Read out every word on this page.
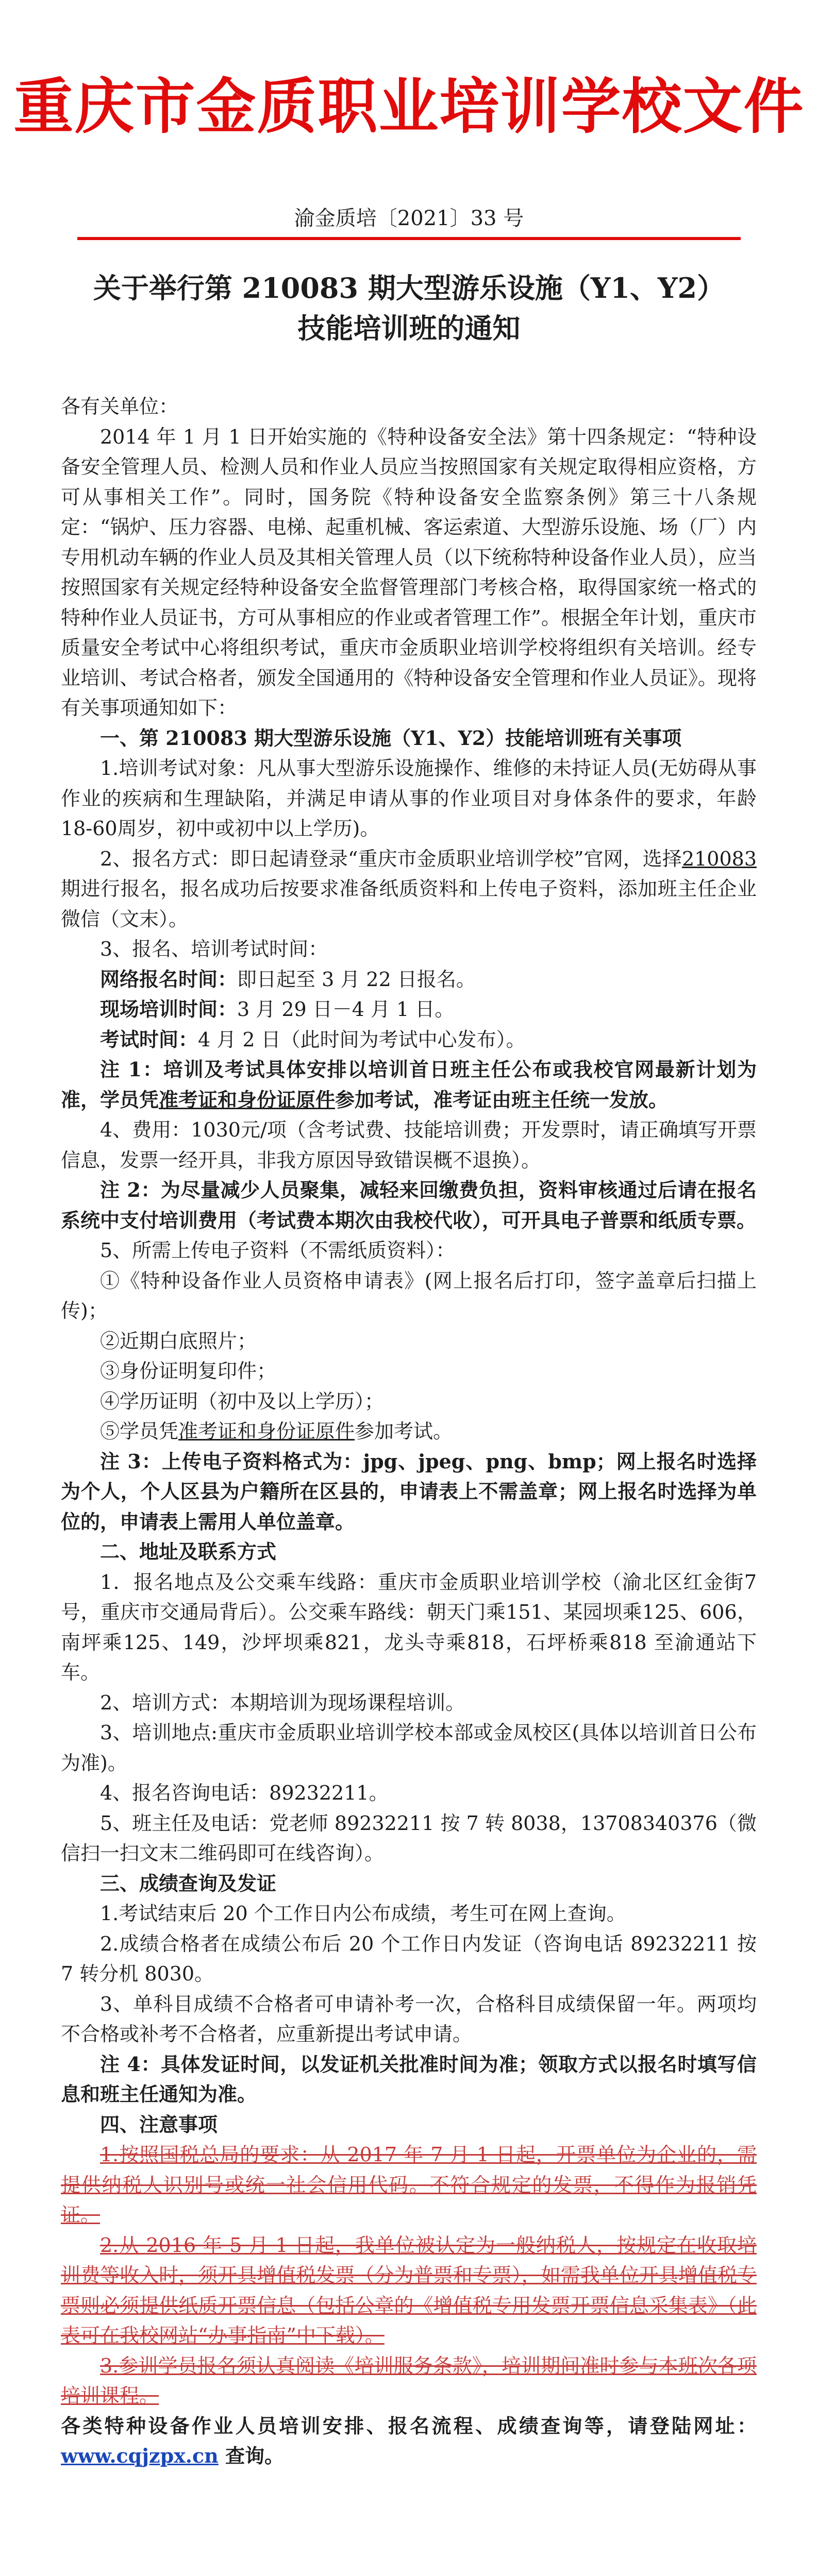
重庆市金质职业培训学校文件
渝金质培〔2021〕33 号
关于举行第 210083 期大型游乐设施（Y1、Y2）
技能培训班的通知

各有关单位：

2014 年 1 月 1 日开始实施的《特种设备安全法》第十四条规定：“特种设备安全管理人员、检测人员和作业人员应当按照国家有关规定取得相应资格，方可从事相关工作”。同时，国务院《特种设备安全监察条例》第三十八条规定：“锅炉、压力容器、电梯、起重机械、客运索道、大型游乐设施、场（厂）内专用机动车辆的作业人员及其相关管理人员（以下统称特种设备作业人员），应当按照国家有关规定经特种设备安全监督管理部门考核合格，取得国家统一格式的特种作业人员证书，方可从事相应的作业或者管理工作”。根据全年计划，重庆市质量安全考试中心将组织考试，重庆市金质职业培训学校将组织有关培训。经专业培训、考试合格者，颁发全国通用的《特种设备安全管理和作业人员证》。现将有关事项通知如下：

一、第 210083 期大型游乐设施（Y1、Y2）技能培训班有关事项

1.培训考试对象：凡从事大型游乐设施操作、维修的未持证人员(无妨碍从事作业的疾病和生理缺陷，并满足申请从事的作业项目对身体条件的要求，年龄18-60周岁，初中或初中以上学历)。

2、报名方式：即日起请登录“重庆市金质职业培训学校”官网，选择210083期进行报名，报名成功后按要求准备纸质资料和上传电子资料，添加班主任企业微信（文末）。

3、报名、培训考试时间：

网络报名时间：即日起至 3 月 22 日报名。

现场培训时间：3 月 29 日－4 月 1 日。

考试时间：4 月 2 日（此时间为考试中心发布）。

注 1：培训及考试具体安排以培训首日班主任公布或我校官网最新计划为准，学员凭准考证和身份证原件参加考试，准考证由班主任统一发放。

4、费用：1030元/项（含考试费、技能培训费；开发票时，请正确填写开票信息，发票一经开具，非我方原因导致错误概不退换）。

注 2：为尽量减少人员聚集，减轻来回缴费负担，资料审核通过后请在报名系统中支付培训费用（考试费本期次由我校代收），可开具电子普票和纸质专票。

5、所需上传电子资料（不需纸质资料）：

①《特种设备作业人员资格申请表》(网上报名后打印，签字盖章后扫描上传)；

②近期白底照片；

③身份证明复印件；

④学历证明（初中及以上学历）；

⑤学员凭准考证和身份证原件参加考试。

注 3：上传电子资料格式为：jpg、jpeg、png、bmp；网上报名时选择为个人，个人区县为户籍所在区县的，申请表上不需盖章；网上报名时选择为单位的，申请表上需用人单位盖章。

二、地址及联系方式

1．报名地点及公交乘车线路：重庆市金质职业培训学校（渝北区红金街7号，重庆市交通局背后）。公交乘车路线：朝天门乘151、某园坝乘125、606，南坪乘125、149，沙坪坝乘821，龙头寺乘818，石坪桥乘818 至渝通站下车。

2、培训方式：本期培训为现场课程培训。

3、培训地点:重庆市金质职业培训学校本部或金凤校区(具体以培训首日公布为准)。

4、报名咨询电话：89232211。

5、班主任及电话：党老师 89232211 按 7 转 8038，13708340376（微信扫一扫文末二维码即可在线咨询）。

三、成绩查询及发证

1.考试结束后 20 个工作日内公布成绩，考生可在网上查询。

2.成绩合格者在成绩公布后 20 个工作日内发证（咨询电话 89232211 按 7 转分机 8030。

3、单科目成绩不合格者可申请补考一次，合格科目成绩保留一年。两项均不合格或补考不合格者，应重新提出考试申请。

注 4：具体发证时间，以发证机关批准时间为准；领取方式以报名时填写信息和班主任通知为准。

四、注意事项

1.按照国税总局的要求：从 2017 年 7 月 1 日起，开票单位为企业的，需提供纳税人识别号或统一社会信用代码。不符合规定的发票，不得作为报销凭证。

2.从 2016 年 5 月 1 日起，我单位被认定为一般纳税人，按规定在收取培训费等收入时，须开具增值税发票（分为普票和专票），如需我单位开具增值税专票则必须提供纸质开票信息（包括公章的《增值税专用发票开票信息采集表》（此表可在我校网站“办事指南”中下载）。

3.参训学员报名须认真阅读《培训服务条款》，培训期间准时参与本班次各项培训课程。

各类特种设备作业人员培训安排、报名流程、成绩查询等，请登陆网址：www.cqjzpx.cn 查询。
